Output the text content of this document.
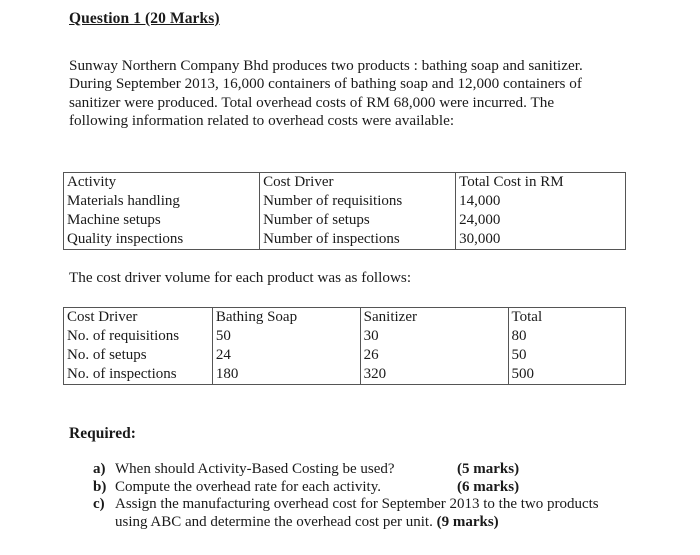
Question 1 (20 Marks)
Sunway Northern Company Bhd produces two products : bathing soap and sanitizer.
During September 2013, 16,000 containers of bathing soap and 12,000 containers of
sanitizer were produced. Total overhead costs of RM 68,000 were incurred. The
following information related to overhead costs were available:
Activity	Cost Driver	Total Cost in RM
Materials handling	Number of requisitions	14,000
Machine setups	Number of setups	24,000
Quality inspections	Number of inspections	30,000
The cost driver volume for each product was as follows:
Cost Driver	Bathing Soap	Sanitizer	Total
No. of requisitions	50	30	80
No. of setups	24	26	50
No. of inspections	180	320	500
Required:
a) When should Activity-Based Costing be used?	(5 marks)
b) Compute the overhead rate for each activity.	(6 marks)
c) Assign the manufacturing overhead cost for September 2013 to the two products
using ABC and determine the overhead cost per unit. (9 marks)
